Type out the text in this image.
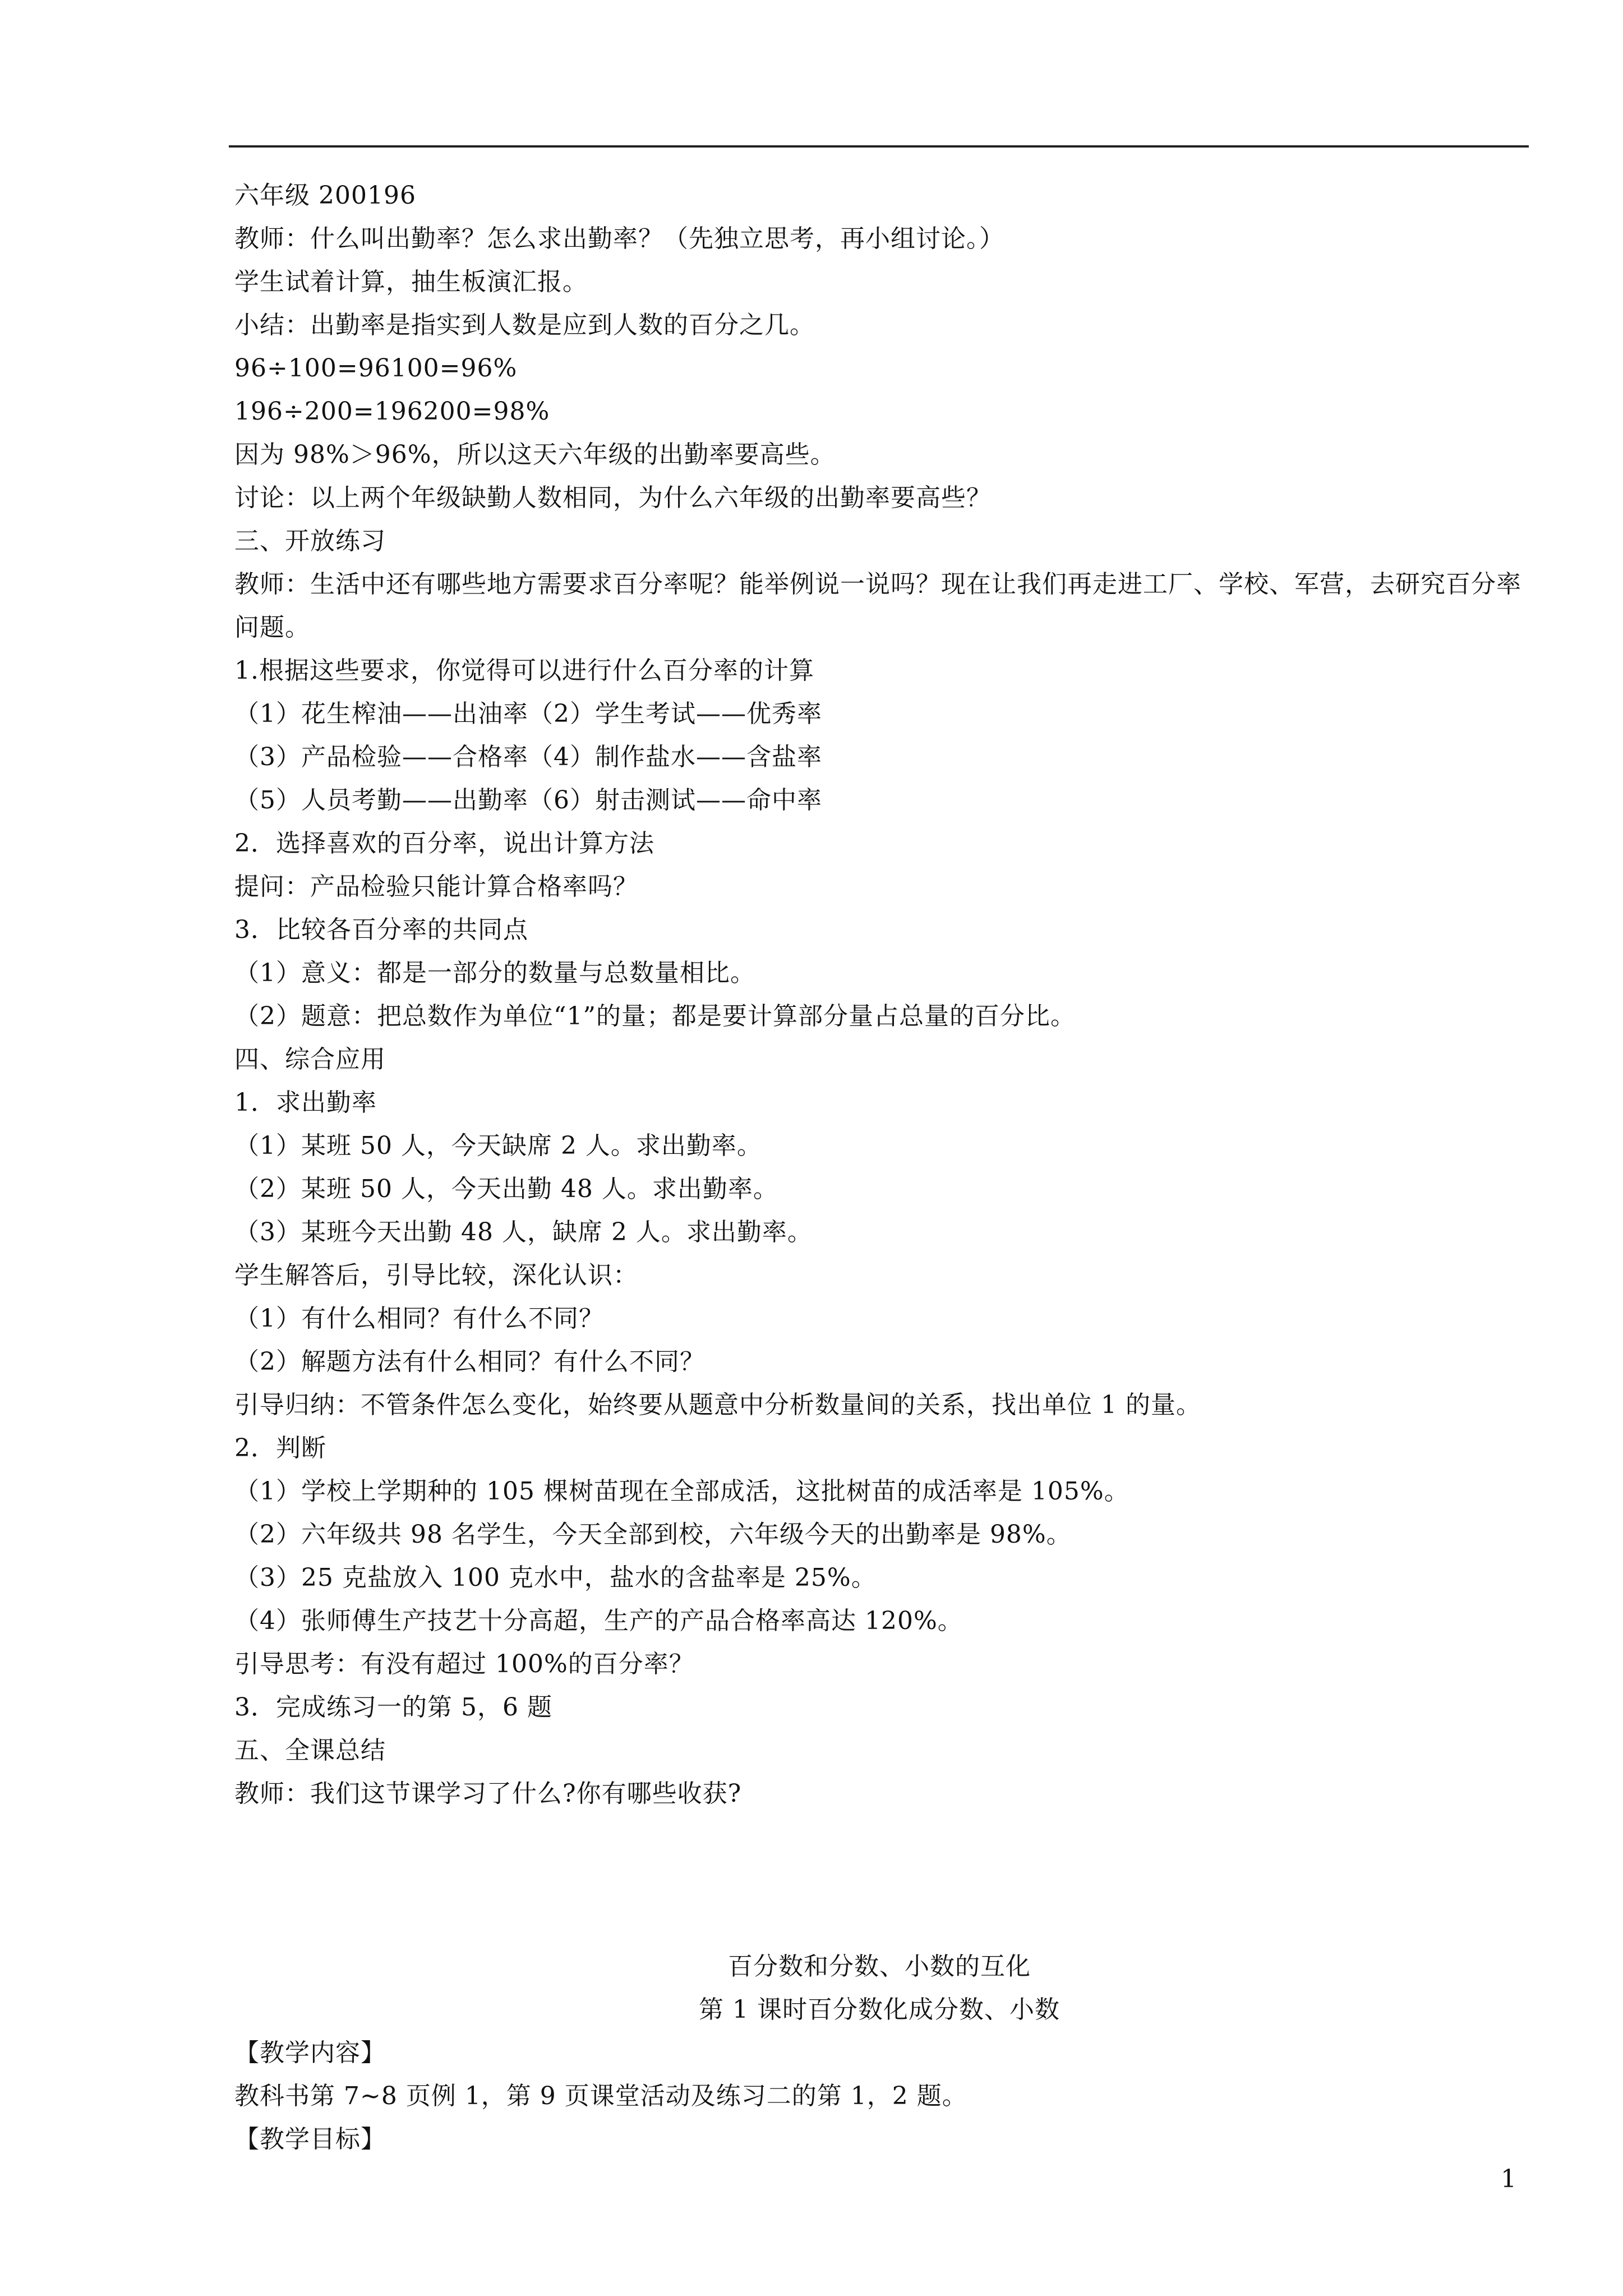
六年级 200196
教师：什么叫出勤率？怎么求出勤率？（先独立思考，再小组讨论。）
学生试着计算，抽生板演汇报。
小结：出勤率是指实到人数是应到人数的百分之几。
96÷100=96100=96%
196÷200=196200=98%
因为 98%＞96%，所以这天六年级的出勤率要高些。
讨论：以上两个年级缺勤人数相同，为什么六年级的出勤率要高些？
三、开放练习
教师：生活中还有哪些地方需要求百分率呢？能举例说一说吗？现在让我们再走进工厂、学校、军营，去研究百分率问题。
1.根据这些要求，你觉得可以进行什么百分率的计算
（1）花生榨油——出油率（2）学生考试——优秀率
（3）产品检验——合格率（4）制作盐水——含盐率
（5）人员考勤——出勤率（6）射击测试——命中率
2．选择喜欢的百分率，说出计算方法
提问：产品检验只能计算合格率吗？
3．比较各百分率的共同点
（1）意义：都是一部分的数量与总数量相比。
（2）题意：把总数作为单位“1”的量；都是要计算部分量占总量的百分比。
四、综合应用
1．求出勤率
（1）某班 50 人，今天缺席 2 人。求出勤率。
（2）某班 50 人，今天出勤 48 人。求出勤率。
（3）某班今天出勤 48 人，缺席 2 人。求出勤率。
学生解答后，引导比较，深化认识：
（1）有什么相同？有什么不同？
（2）解题方法有什么相同？有什么不同？
引导归纳：不管条件怎么变化，始终要从题意中分析数量间的关系，找出单位 1 的量。
2．判断
（1）学校上学期种的 105 棵树苗现在全部成活，这批树苗的成活率是 105%。
（2）六年级共 98 名学生，今天全部到校，六年级今天的出勤率是 98%。
（3）25 克盐放入 100 克水中，盐水的含盐率是 25%。
（4）张师傅生产技艺十分高超，生产的产品合格率高达 120%。
引导思考：有没有超过 100%的百分率？
3．完成练习一的第 5，6 题
五、全课总结
教师：我们这节课学习了什么?你有哪些收获?
百分数和分数、小数的互化
第 1 课时百分数化成分数、小数
【教学内容】
教科书第 7~8 页例 1，第 9 页课堂活动及练习二的第 1，2 题。
【教学目标】
1
